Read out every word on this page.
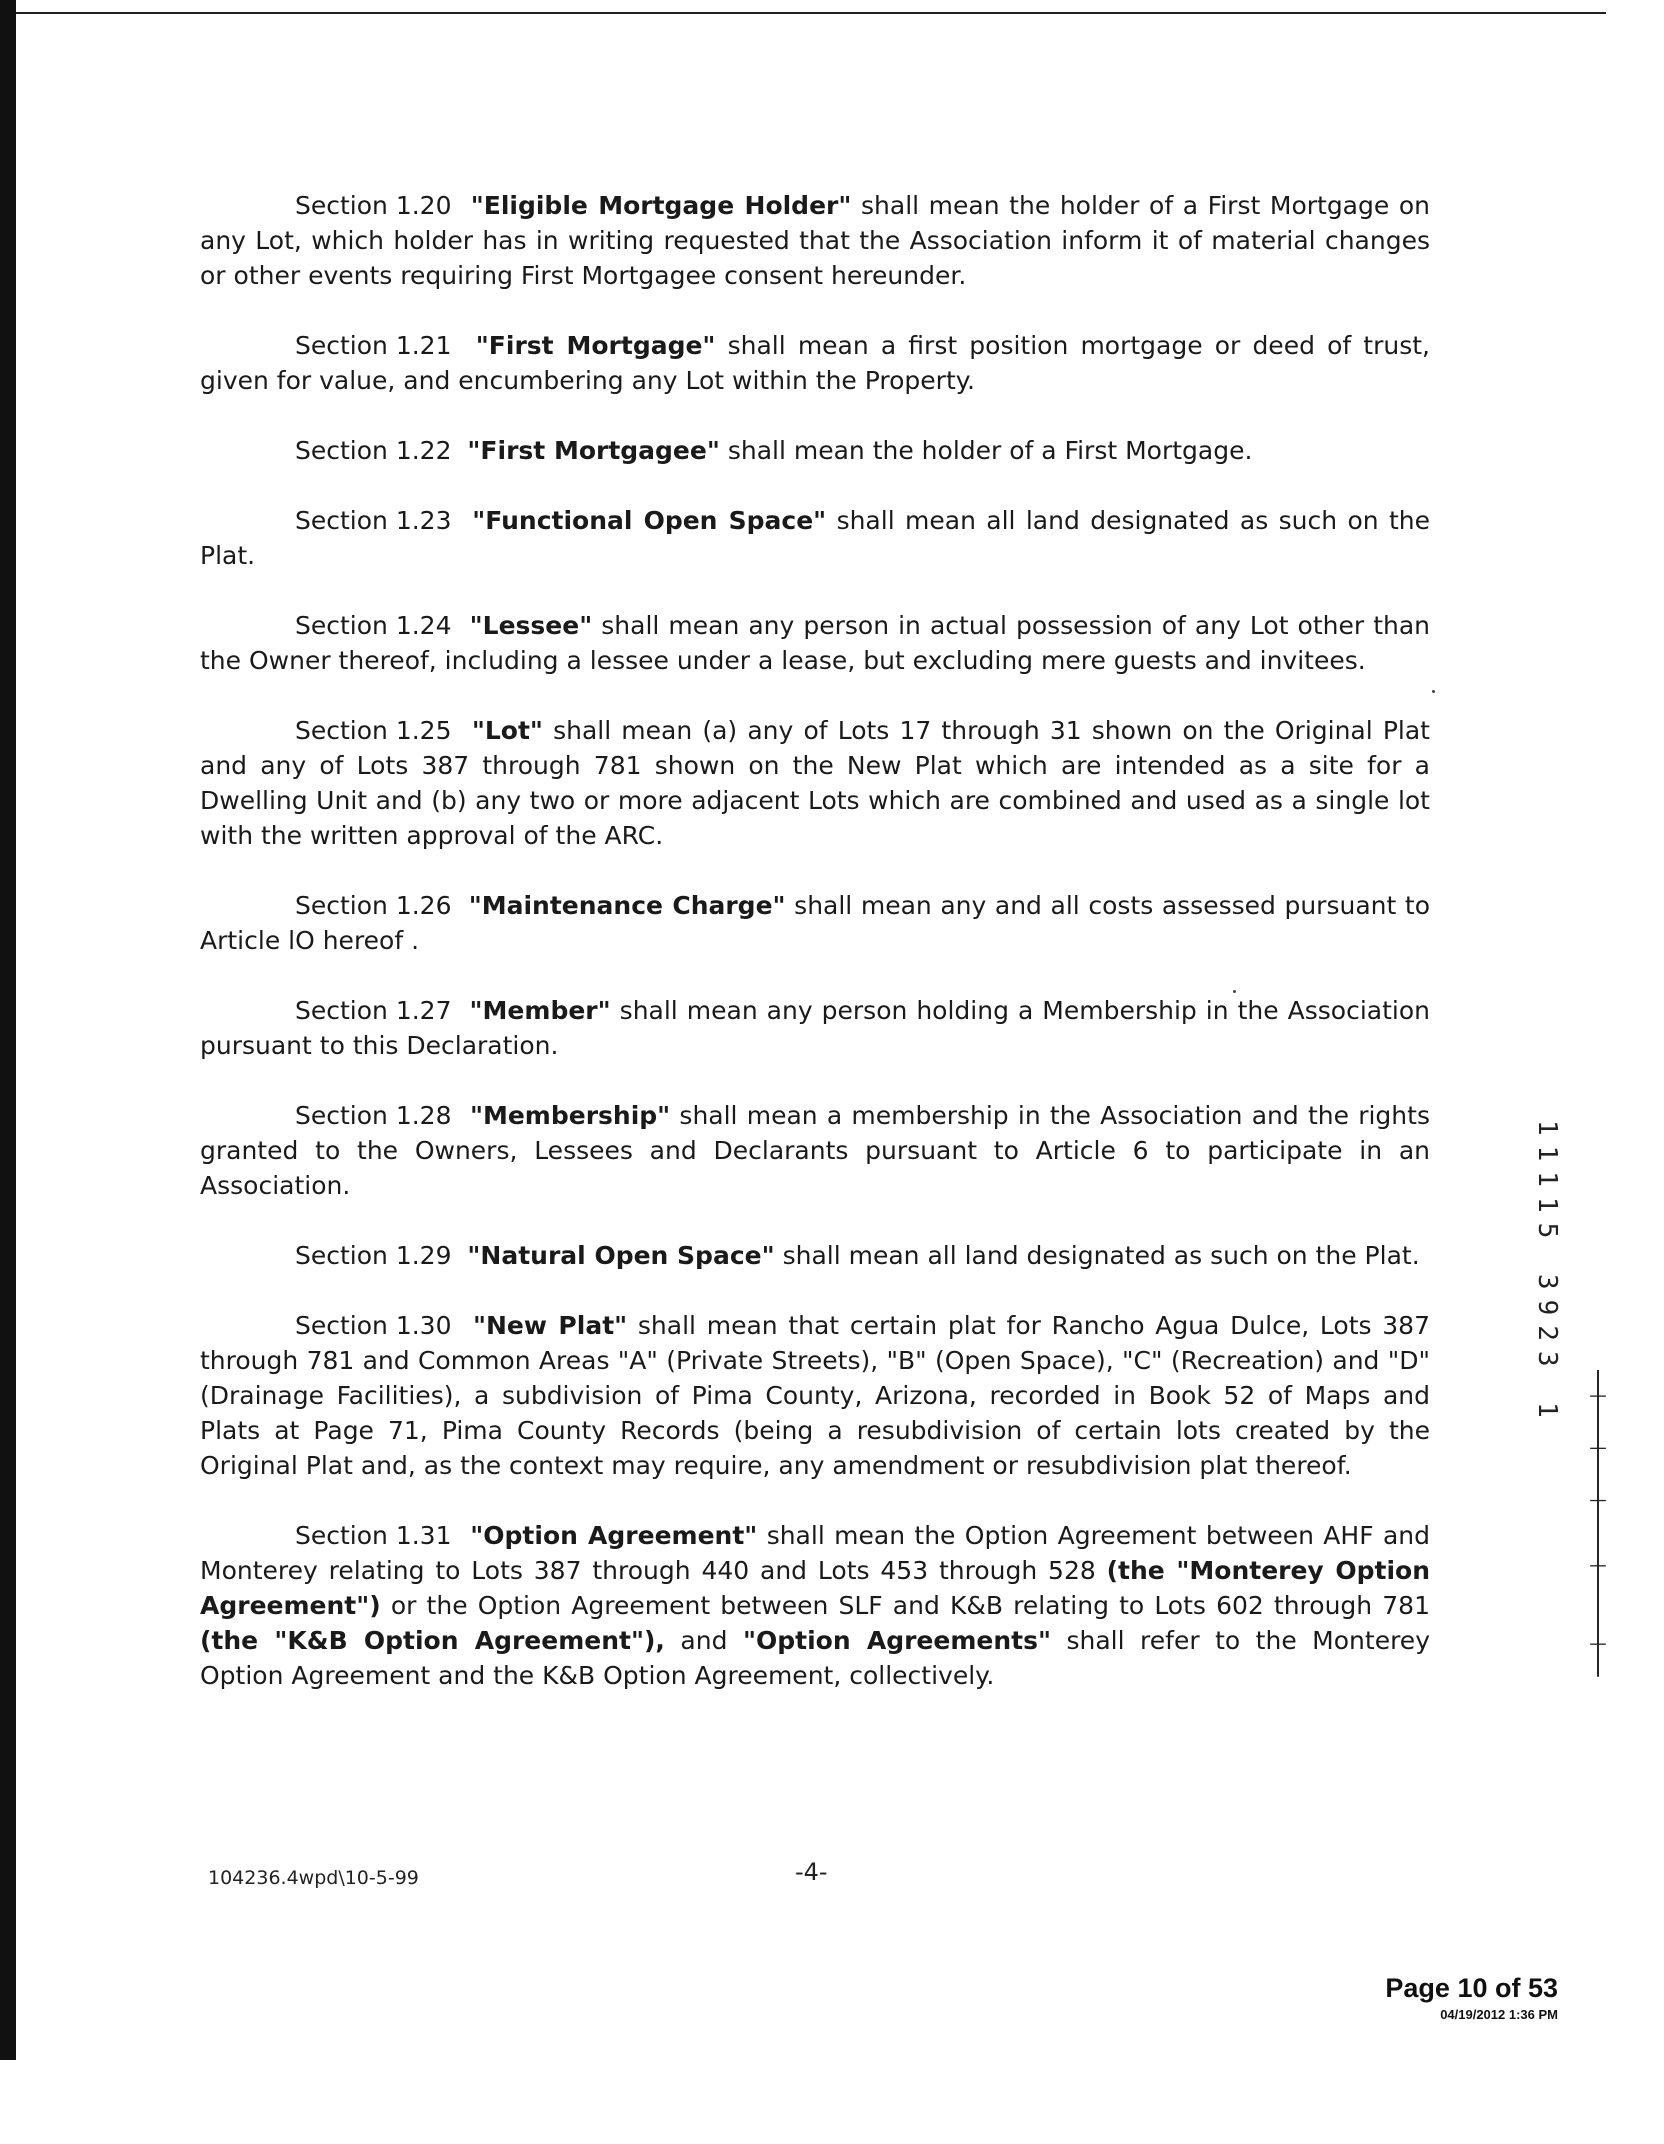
Section 1.20 "Eligible Mortgage Holder" shall mean the holder of a First Mortgage on any Lot, which holder has in writing requested that the Association inform it of material changes or other events requiring First Mortgagee consent hereunder.

Section 1.21 "First Mortgage" shall mean a first position mortgage or deed of trust, given for value, and encumbering any Lot within the Property.

Section 1.22 "First Mortgagee" shall mean the holder of a First Mortgage.

Section 1.23 "Functional Open Space" shall mean all land designated as such on the Plat.

Section 1.24 "Lessee" shall mean any person in actual possession of any Lot other than the Owner thereof, including a lessee under a lease, but excluding mere guests and invitees.

Section 1.25 "Lot" shall mean (a) any of Lots 17 through 31 shown on the Original Plat and any of Lots 387 through 781 shown on the New Plat which are intended as a site for a Dwelling Unit and (b) any two or more adjacent Lots which are combined and used as a single lot with the written approval of the ARC.

Section 1.26 "Maintenance Charge" shall mean any and all costs assessed pursuant to Article lO hereof .

Section 1.27 "Member" shall mean any person holding a Membership in the Association pursuant to this Declaration.

Section 1.28 "Membership" shall mean a membership in the Association and the rights granted to the Owners, Lessees and Declarants pursuant to Article 6 to participate in an Association.

Section 1.29 "Natural Open Space" shall mean all land designated as such on the Plat.

Section 1.30 "New Plat" shall mean that certain plat for Rancho Agua Dulce, Lots 387 through 781 and Common Areas "A" (Private Streets), "B" (Open Space), "C" (Recreation) and "D" (Drainage Facilities), a subdivision of Pima County, Arizona, recorded in Book 52 of Maps and Plats at Page 71, Pima County Records (being a resubdivision of certain lots created by the Original Plat and, as the context may require, any amendment or resubdivision plat thereof.

Section 1.31 "Option Agreement" shall mean the Option Agreement between AHF and Monterey relating to Lots 387 through 440 and Lots 453 through 528 (the "Monterey Option Agreement") or the Option Agreement between SLF and K&B relating to Lots 602 through 781 (the "K&B Option Agreement"), and "Option Agreements" shall refer to the Monterey Option Agreement and the K&B Option Agreement, collectively.

104236.4wpd\10-5-99	-4-
Page 10 of 53
04/19/2012 1:36 PM
11115 3923 1
